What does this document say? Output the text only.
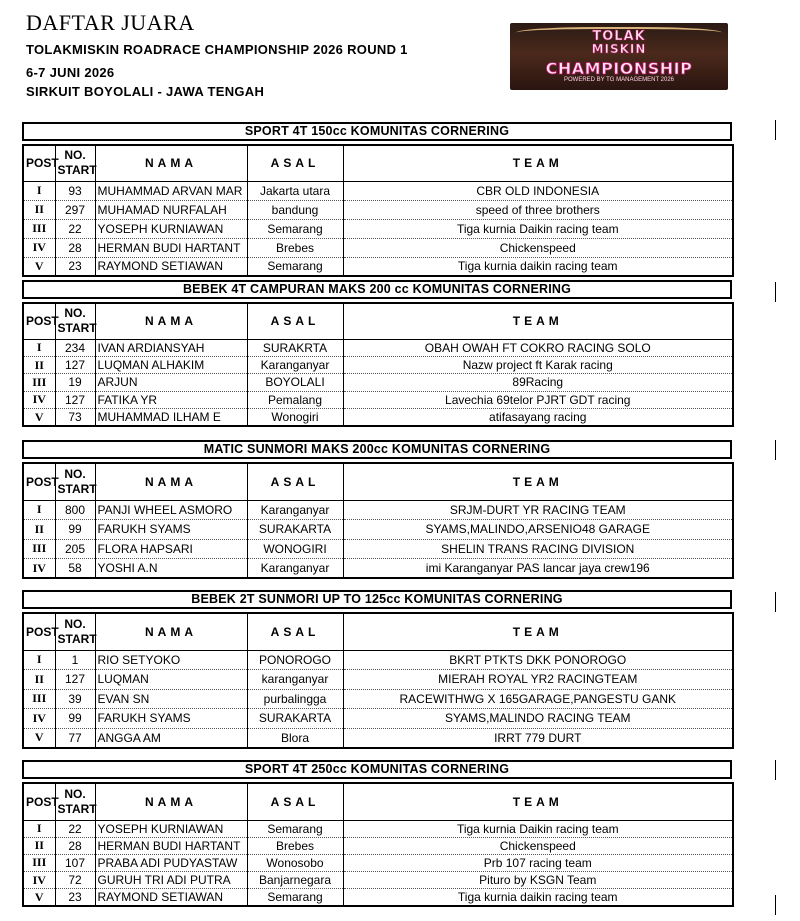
DAFTAR JUARA
TOLAKMISKIN ROADRACE CHAMPIONSHIP 2026 ROUND 1
6-7 JUNI 2026
SIRKUIT BOYOLALI - JAWA TENGAH
TOLAK
MISKIN
CHAMPIONSHIP
POWERED BY TG MANAGEMENT 2026
SPORT 4T 150cc KOMUNITAS CORNERING
POST	NO. START	NAMA	ASAL	TEAM
I	93	MUHAMMAD ARVAN MAR	Jakarta utara	CBR OLD INDONESIA
II	297	MUHAMAD NURFALAH	bandung	speed of three brothers
III	22	YOSEPH KURNIAWAN	Semarang	Tiga kurnia Daikin racing team
IV	28	HERMAN BUDI HARTANT	Brebes	Chickenspeed
V	23	RAYMOND SETIAWAN	Semarang	Tiga kurnia daikin racing team
BEBEK 4T CAMPURAN MAKS 200 cc KOMUNITAS CORNERING
POST	NO. START	NAMA	ASAL	TEAM
I	234	IVAN ARDIANSYAH	SURAKRTA	OBAH OWAH FT COKRO RACING SOLO
II	127	LUQMAN ALHAKIM	Karanganyar	Nazw project ft Karak racing
III	19	ARJUN	BOYOLALI	89Racing
IV	127	FATIKA YR	Pemalang	Lavechia 69telor PJRT GDT racing
V	73	MUHAMMAD ILHAM E	Wonogiri	atifasayang racing
MATIC SUNMORI MAKS 200cc KOMUNITAS CORNERING
POST	NO. START	NAMA	ASAL	TEAM
I	800	PANJI WHEEL ASMORO	Karanganyar	SRJM-DURT YR RACING TEAM
II	99	FARUKH SYAMS	SURAKARTA	SYAMS,MALINDO,ARSENIO48 GARAGE
III	205	FLORA HAPSARI	WONOGIRI	SHELIN TRANS RACING DIVISION
IV	58	YOSHI A.N	Karanganyar	imi Karanganyar PAS lancar jaya crew196
BEBEK 2T SUNMORI UP TO 125cc KOMUNITAS CORNERING
POST	NO. START	NAMA	ASAL	TEAM
I	1	RIO SETYOKO	PONOROGO	BKRT PTKTS DKK PONOROGO
II	127	LUQMAN	karanganyar	MIERAH ROYAL YR2 RACINGTEAM
III	39	EVAN SN	purbalingga	RACEWITHWG X 165GARAGE,PANGESTU GANK
IV	99	FARUKH SYAMS	SURAKARTA	SYAMS,MALINDO RACING TEAM
V	77	ANGGA AM	Blora	IRRT 779 DURT
SPORT 4T 250cc KOMUNITAS CORNERING
POST	NO. START	NAMA	ASAL	TEAM
I	22	YOSEPH KURNIAWAN	Semarang	Tiga kurnia Daikin racing team
II	28	HERMAN BUDI HARTANT	Brebes	Chickenspeed
III	107	PRABA ADI PUDYASTAW	Wonosobo	Prb 107 racing team
IV	72	GURUH TRI ADI PUTRA	Banjarnegara	Pituro by KSGN Team
V	23	RAYMOND SETIAWAN	Semarang	Tiga kurnia daikin racing team
